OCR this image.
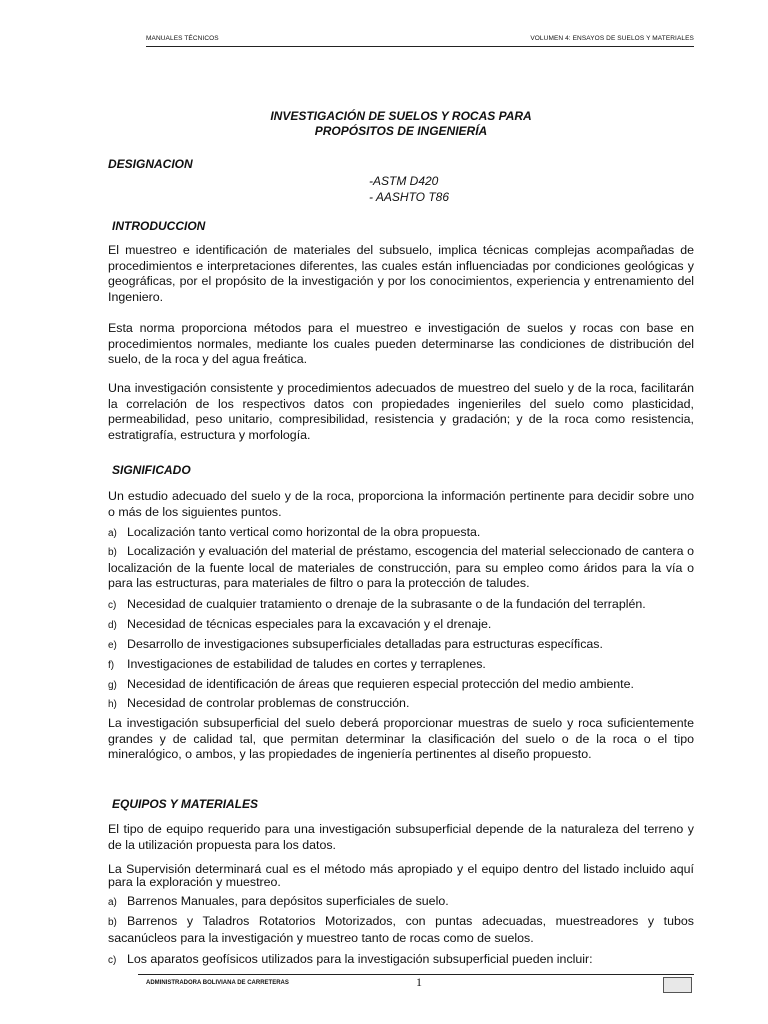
MANUALES TÉCNICOS	VOLUMEN 4: ENSAYOS DE SUELOS Y MATERIALES
INVESTIGACIÓN DE SUELOS Y ROCAS PARA
PROPÓSITOS DE INGENIERÍA
DESIGNACION
-ASTM D420
- AASHTO T86
INTRODUCCION
El muestreo e identificación de materiales del subsuelo, implica técnicas complejas acompañadas de procedimientos e interpretaciones diferentes, las cuales están influenciadas por condiciones geológicas y geográficas, por el propósito de la investigación y por los conocimientos, experiencia y entrenamiento del Ingeniero.
Esta norma proporciona métodos para el muestreo e investigación de suelos y rocas con base en procedimientos normales, mediante los cuales pueden determinarse las condiciones de distribución del suelo, de la roca y del agua freática.
Una investigación consistente y procedimientos adecuados de muestreo del suelo y de la roca, facilitarán la correlación de los respectivos datos con propiedades ingenieriles del suelo como plasticidad, permeabilidad, peso unitario, compresibilidad, resistencia y gradación; y de la roca como resistencia, estratigrafía, estructura y morfología.
SIGNIFICADO
Un estudio adecuado del suelo y de la roca, proporciona la información pertinente para decidir sobre uno o más de los siguientes puntos.
a) Localización tanto vertical como horizontal de la obra propuesta.
b) Localización y evaluación del material de préstamo, escogencia del material seleccionado de cantera o localización de la fuente local de materiales de construcción, para su empleo como áridos para la vía o para las estructuras, para materiales de filtro o para la protección de taludes.
c) Necesidad de cualquier tratamiento o drenaje de la subrasante o de la fundación del terraplén.
d) Necesidad de técnicas especiales para la excavación y el drenaje.
e) Desarrollo de investigaciones subsuperficiales detalladas para estructuras específicas.
f) Investigaciones de estabilidad de taludes en cortes y terraplenes.
g) Necesidad de identificación de áreas que requieren especial protección del medio ambiente.
h) Necesidad de controlar problemas de construcción.
La investigación subsuperficial del suelo deberá proporcionar muestras de suelo y roca suficientemente grandes y de calidad tal, que permitan determinar la clasificación del suelo o de la roca o el tipo mineralógico, o ambos, y las propiedades de ingeniería pertinentes al diseño propuesto.
EQUIPOS Y MATERIALES
El tipo de equipo requerido para una investigación subsuperficial depende de la naturaleza del terreno y de la utilización propuesta para los datos.
La Supervisión determinará cual es el método más apropiado y el equipo dentro del listado incluido aquí para la exploración y muestreo.
a) Barrenos Manuales, para depósitos superficiales de suelo.
b) Barrenos y Taladros Rotatorios Motorizados, con puntas adecuadas, muestreadores y tubos sacanúcleos para la investigación y muestreo tanto de rocas como de suelos.
c) Los aparatos geofísicos utilizados para la investigación subsuperficial pueden incluir:
ADMINISTRADORA BOLIVIANA DE CARRETERAS	1
